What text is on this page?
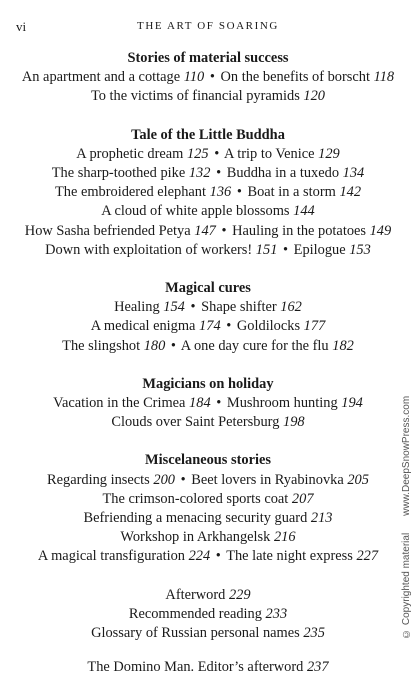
vi	THE ART OF SOARING
Stories of material success
An apartment and a cottage 110 • On the benefits of borscht 118
To the victims of financial pyramids 120
Tale of the Little Buddha
A prophetic dream 125 • A trip to Venice 129
The sharp-toothed pike 132 • Buddha in a tuxedo 134
The embroidered elephant 136 • Boat in a storm 142
A cloud of white apple blossoms 144
How Sasha befriended Petya 147 • Hauling in the potatoes 149
Down with exploitation of workers! 151 • Epilogue 153
Magical cures
Healing 154 • Shape shifter 162
A medical enigma 174 • Goldilocks 177
The slingshot 180 • A one day cure for the flu 182
Magicians on holiday
Vacation in the Crimea 184 • Mushroom hunting 194
Clouds over Saint Petersburg 198
Miscelaneous stories
Regarding insects 200 • Beet lovers in Ryabinovka 205
The crimson-colored sports coat 207
Befriending a menacing security guard 213
Workshop in Arkhangelsk 216
A magical transfiguration 224 • The late night express 227
Afterword 229
Recommended reading 233
Glossary of Russian personal names 235
The Domino Man. Editor’s afterword 237
© Copyrighted material www.DeepSnowPress.com
